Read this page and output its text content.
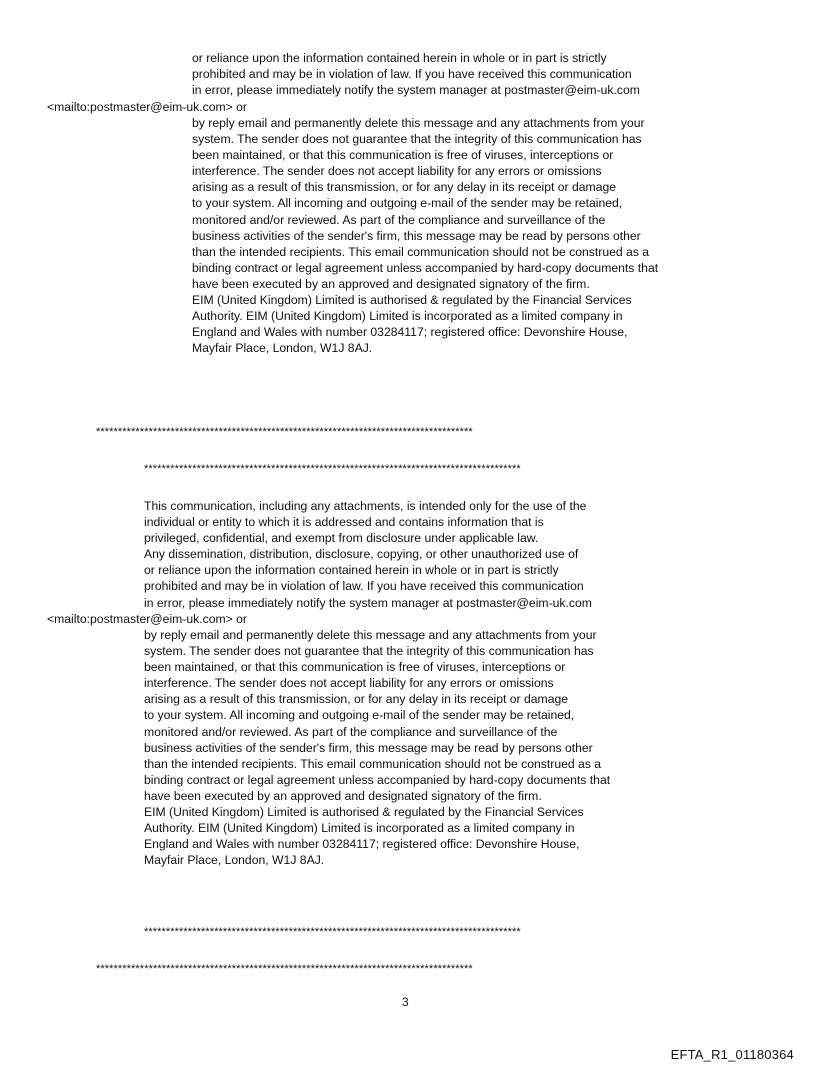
or reliance upon the information contained herein in whole or in part is strictly
prohibited and may be in violation of law. If you have received this communication
in error, please immediately notify the system manager at postmaster@eim-uk.com
<mailto:postmaster@eim-uk.com> or
by reply email and permanently delete this message and any attachments from your
system. The sender does not guarantee that the integrity of this communication has
been maintained, or that this communication is free of viruses, interceptions or
interference. The sender does not accept liability for any errors or omissions
arising as a result of this transmission, or for any delay in its receipt or damage
to your system. All incoming and outgoing e-mail of the sender may be retained,
monitored and/or reviewed. As part of the compliance and surveillance of the
business activities of the sender's firm, this message may be read by persons other
than the intended recipients. This email communication should not be construed as a
binding contract or legal agreement unless accompanied by hard-copy documents that
have been executed by an approved and designated signatory of the firm.
EIM (United Kingdom) Limited is authorised & regulated by the Financial Services
Authority. EIM (United Kingdom) Limited is incorporated as a limited company in
England and Wales with number 03284117; registered office: Devonshire House,
Mayfair Place, London, W1J 8AJ.
**************************************************************************************
**************************************************************************************
This communication, including any attachments, is intended only for the use of the
individual or entity to which it is addressed and contains information that is
privileged, confidential, and exempt from disclosure under applicable law.
Any dissemination, distribution, disclosure, copying, or other unauthorized use of
or reliance upon the information contained herein in whole or in part is strictly
prohibited and may be in violation of law. If you have received this communication
in error, please immediately notify the system manager at postmaster@eim-uk.com
<mailto:postmaster@eim-uk.com> or
by reply email and permanently delete this message and any attachments from your
system. The sender does not guarantee that the integrity of this communication has
been maintained, or that this communication is free of viruses, interceptions or
interference. The sender does not accept liability for any errors or omissions
arising as a result of this transmission, or for any delay in its receipt or damage
to your system. All incoming and outgoing e-mail of the sender may be retained,
monitored and/or reviewed. As part of the compliance and surveillance of the
business activities of the sender's firm, this message may be read by persons other
than the intended recipients. This email communication should not be construed as a
binding contract or legal agreement unless accompanied by hard-copy documents that
have been executed by an approved and designated signatory of the firm.
EIM (United Kingdom) Limited is authorised & regulated by the Financial Services
Authority. EIM (United Kingdom) Limited is incorporated as a limited company in
England and Wales with number 03284117; registered office: Devonshire House,
Mayfair Place, London, W1J 8AJ.
**************************************************************************************
**************************************************************************************
3
EFTA_R1_01180364
